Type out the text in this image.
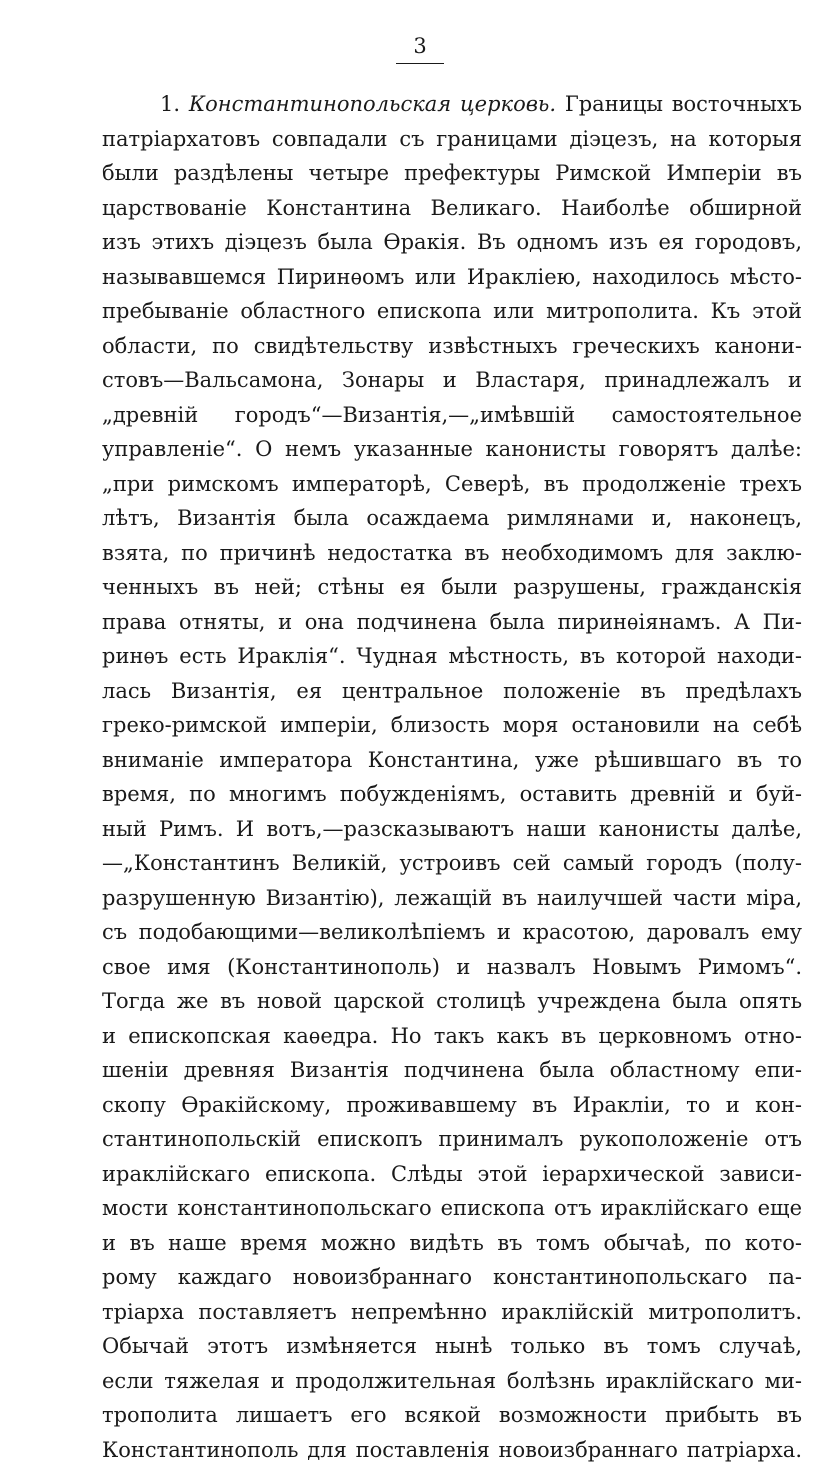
3
1. Константинопольская церковь. Границы восточныхъ
патріархатовъ совпадали съ границами діэцезъ, на которыя
были раздѣлены четыре префектуры Римской Имперіи въ
царствованіе Константина Великаго. Наиболѣе обширной
изъ этихъ діэцезъ была Ѳракія. Въ одномъ изъ ея городовъ,
называвшемся Пиринѳомъ или Иракліею, находилось мѣсто-
пребываніе областного епископа или митрополита. Къ этой
области, по свидѣтельству извѣстныхъ греческихъ канони-
стовъ—Вальсамона, Зонары и Властаря, принадлежалъ и
„древній городъ“—Византія,—„имѣвшій самостоятельное
управленіе“. О немъ указанные канонисты говорятъ далѣе:
„при римскомъ императорѣ, Северѣ, въ продолженіе трехъ
лѣтъ, Византія была осаждаема римлянами и, наконецъ,
взята, по причинѣ недостатка въ необходимомъ для заклю-
ченныхъ въ ней; стѣны ея были разрушены, гражданскія
права отняты, и она подчинена была пиринѳіянамъ. А Пи-
ринѳъ есть Ираклія“. Чудная мѣстность, въ которой находи-
лась Византія, ея центральное положеніе въ предѣлахъ
греко-римской имперіи, близость моря остановили на себѣ
вниманіе императора Константина, уже рѣшившаго въ то
время, по многимъ побужденіямъ, оставить древній и буй-
ный Римъ. И вотъ,—разсказываютъ наши канонисты далѣе,
—„Константинъ Великій, устроивъ сей самый городъ (полу-
разрушенную Византію), лежащій въ наилучшей части міра,
съ подобающими—великолѣпіемъ и красотою, даровалъ ему
свое имя (Константинополь) и назвалъ Новымъ Римомъ“.
Тогда же въ новой царской столицѣ учреждена была опять
и епископская каѳедра. Но такъ какъ въ церковномъ отно-
шеніи древняя Византія подчинена была областному епи-
скопу Ѳракійскому, проживавшему въ Иракліи, то и кон-
стантинопольскій епископъ принималъ рукоположеніе отъ
ираклійскаго епископа. Слѣды этой іерархической зависи-
мости константинопольскаго епископа отъ ираклійскаго еще
и въ наше время можно видѣть въ томъ обычаѣ, по кото-
рому каждаго новоизбраннаго константинопольскаго па-
тріарха поставляетъ непремѣнно ираклійскій митрополитъ.
Обычай этотъ измѣняется нынѣ только въ томъ случаѣ,
если тяжелая и продолжительная болѣзнь ираклійскаго ми-
трополита лишаетъ его всякой возможности прибыть въ
Константинополь для поставленія новоизбраннаго патріарха.
